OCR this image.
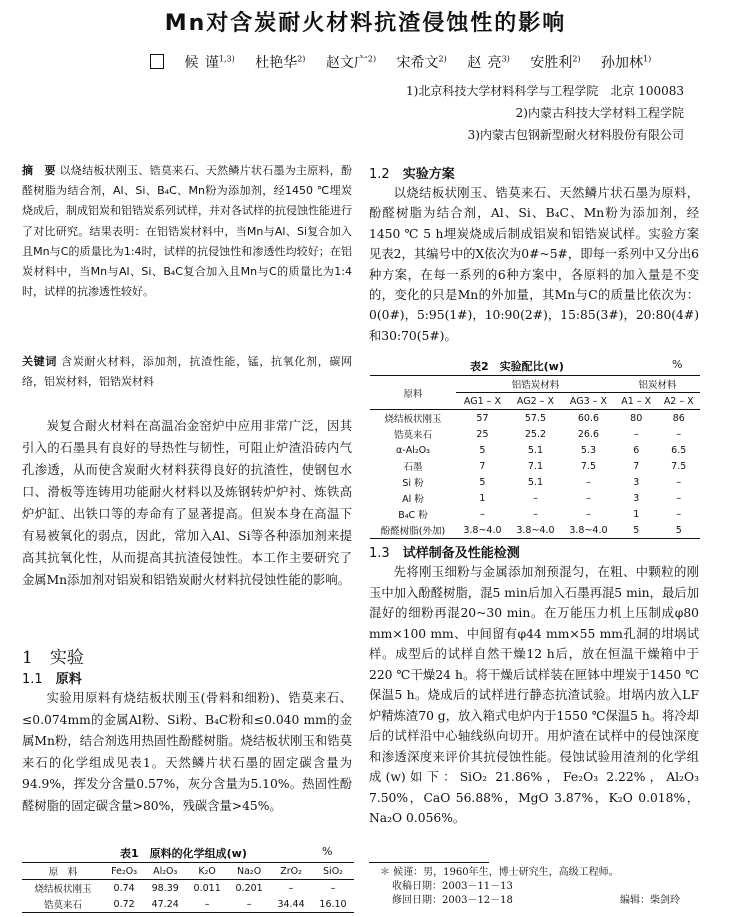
Mn对含炭耐火材料抗渣侵蚀性的影响
候 谨$^{1,3)}$ 杜艳华$^{2)}$ 赵文广$^{2)}$ 宋希文$^{2)}$ 赵 亮$^{3)}$ 安胜利$^{2)}$ 孙加林$^{1)}$
1)北京科技大学材料科学与工程学院　北京 100083
2)内蒙古科技大学材料工程学院
3)内蒙古包钢新型耐火材料股份有限公司
摘　要 以烧结板状刚玉、锆莫来石、天然鳞片状石墨为主原料，酚醛树脂为结合剂，Al、Si、B₄C、Mn粉为添加剂，经1450 ℃埋炭烧成后，制成铝炭和铝锆炭系列试样，并对各试样的抗侵蚀性能进行了对比研究。结果表明：在铝锆炭材料中，当Mn与Al、Si复合加入且Mn与C的质量比为1:4时，试样的抗侵蚀性和渗透性均较好；在铝炭材料中，当Mn与Al、Si、B₄C复合加入且Mn与C的质量比为1:4时，试样的抗渗透性较好。
关键词 含炭耐火材料，添加剂，抗渣性能，锰，抗氧化剂，碳网络，铝炭材料，铝锆炭材料
炭复合耐火材料在高温冶金窑炉中应用非常广泛，因其引入的石墨具有良好的导热性与韧性，可阻止炉渣沿砖内气孔渗透，从而使含炭耐火材料获得良好的抗渣性，使钢包水口、滑板等连铸用功能耐火材料以及炼钢转炉炉衬、炼铁高炉炉缸、出铁口等的寿命有了显著提高。但炭本身在高温下有易被氧化的弱点，因此，常加入Al、Si等各种添加剂来提高其抗氧化性，从而提高其抗渣侵蚀性。本工作主要研究了金属Mn添加剂对铝炭和铝锆炭耐火材料抗侵蚀性能的影响。
1　 实验
1.1　 原料
实验用原料有烧结板状刚玉(骨料和细粉)、锆莫来石、≤0.074mm的金属Al粉、Si粉、B₄C粉和≤0.040 mm的金属Mn粉，结合剂选用热固性酚醛树脂。烧结板状刚玉和锆莫来石的化学组成见表1。天然鳞片状石墨的固定碳含量为94.9%，挥发分含量0.57%，灰分含量为5.10%。热固性酚醛树脂的固定碳含量>80%，残碳含量>45%。
表1　原料的化学组成(w)	%
原　料	Fe₂O₃	Al₂O₃	K₂O	Na₂O	ZrO₂	SiO₂
烧结板状刚玉	0.74	98.39	0.011	0.201	–	–
锆莫来石	0.72	47.24	–	–	34.44	16.10
1.2　 实验方案
以烧结板状刚玉、锆莫来石、天然鳞片状石墨为原料，酚醛树脂为结合剂，Al、Si、B₄C、Mn粉为添加剂，经1450 ℃ 5 h埋炭烧成后制成铝炭和铝锆炭试样。实验方案见表2，其编号中的X依次为0#~5#，即每一系列中又分出6种方案，在每一系列的6种方案中，各原料的加入量是不变的，变化的只是Mn的外加量，其Mn与C的质量比依次为：0(0#)，5:95(1#)，10:90(2#)，15:85(3#)，20:80(4#)和30:70(5#)。
表2　实验配比(w)	%
原料	铝锆炭材料			铝炭材料	
	AG1 – X	AG2 – X	AG3 – X	A1 – X	A2 – X
烧结板状刚玉	57	57.5	60.6	80	86
锆莫来石	25	25.2	26.6	–	–
α-Al₂O₃	5	5.1	5.3	6	6.5
石墨	7	7.1	7.5	7	7.5
Si 粉	5	5.1	–	3	–
Al 粉	1	–	–	3	–
B₄C 粉	–	–	–	1	–
酚醛树脂(外加)	3.8~4.0	3.8~4.0	3.8~4.0	5	5
1.3　 试样制备及性能检测
先将刚玉细粉与金属添加剂预混匀，在粗、中颗粒的刚玉中加入酚醛树脂，混5 min后加入石墨再混5 min，最后加混好的细粉再混20~30 min。在万能压力机上压制成φ80 mm×100 mm、中间留有φ44 mm×55 mm孔洞的坩埚试样。成型后的试样自然干燥12 h后，放在恒温干燥箱中于220 ℃干燥24 h。将干燥后试样装在匣钵中埋炭于1450 ℃保温5 h。烧成后的试样进行静态抗渣试验。坩埚内放入LF炉精炼渣70 g，放入箱式电炉内于1550 ℃保温5 h。将冷却后的试样沿中心轴线纵向切开。用炉渣在试样中的侵蚀深度和渗透深度来评价其抗侵蚀性能。侵蚀试验用渣剂的化学组成(w)如下：SiO₂ 21.86%，Fe₂O₃ 2.22%，Al₂O₃ 7.50%，CaO 56.88%，MgO 3.87%，K₂O 0.018%，Na₂O 0.056%。
＊ 候谨：男，1960年生，博士研究生，高级工程师。
收稿日期：2003－11－13
修回日期：2003－12－18	编辑：柴剑玲
